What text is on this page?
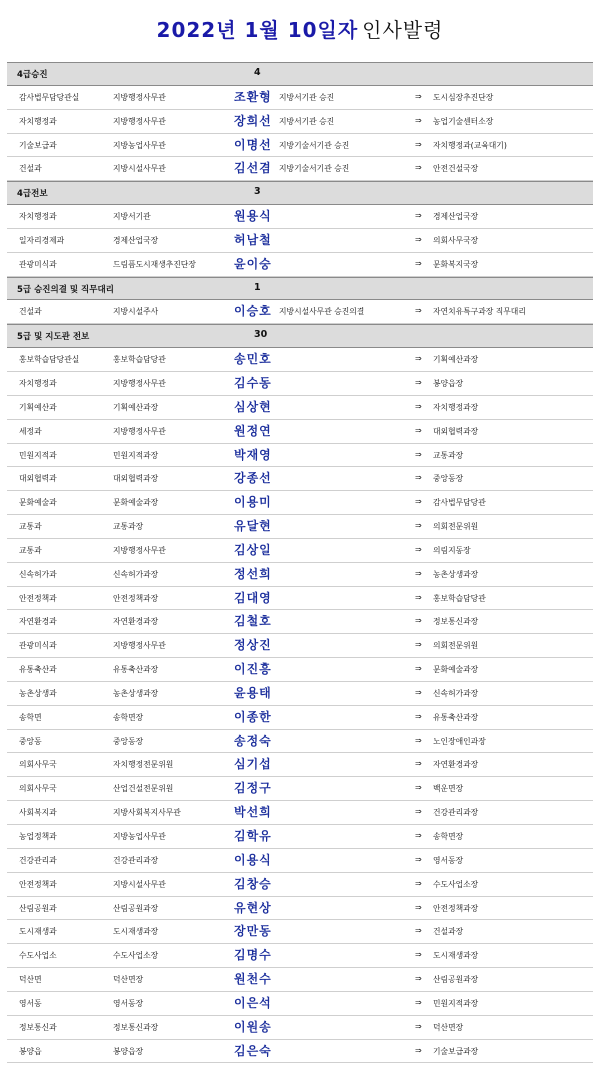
2022년 1월 10일자 인사발령
4급승진	4
감사법무담당관실	지방행정사무관	조환형 지방서기관 승진	⇒ 도시심장추진단장
자치행정과	지방행정사무관	장희선 지방서기관 승진	⇒ 농업기술센터소장
기술보급과	지방농업사무관	이명선 지방기술서기관 승진	⇒ 자치행정과(교육대기)
건설과	지방시설사무관	김선겸 지방기술서기관 승진	⇒ 안전건설국장
4급전보	3
자치행정과	지방서기관	원용식	⇒ 경제산업국장
일자리경제과	경제산업국장	허남철	⇒ 의회사무국장
관광미식과	드림픔도시재생추진단장	윤이숭	⇒ 문화복지국장
5급 승진의결 및 직무대리	1
건설과	지방시설주사	이승호 지방시설사무관 승진의결	⇒ 자연치유특구과장 직무대리
5급 및 지도관 전보	30
홍보학습담당관실	홍보학습담당관	송민호	⇒ 기획예산과장
자치행정과	지방행정사무관	김수동	⇒ 봉양읍장
기획예산과	기획예산과장	심상현	⇒ 자치행정과장
세정과	지방행정사무관	원정연	⇒ 대외협력과장
민원지적과	민원지적과장	박재영	⇒ 교통과장
대외협력과	대외협력과장	강종선	⇒ 중앙동장
문화예술과	문화예술과장	이용미	⇒ 감사법무담당관
교통과	교통과장	유달현	⇒ 의회전문위원
교통과	지방행정사무관	김상일	⇒ 의림지동장
신속허가과	신속허가과장	정선희	⇒ 농촌상생과장
안전정책과	안전정책과장	김대영	⇒ 홍보학습담당관
자연환경과	자연환경과장	김철호	⇒ 정보통신과장
관광미식과	지방행정사무관	정상진	⇒ 의회전문위원
유통축산과	유통축산과장	이진흥	⇒ 문화예술과장
농촌상생과	농촌상생과장	윤용태	⇒ 신속허가과장
송학면	송학면장	이종한	⇒ 유통축산과장
중앙동	중앙동장	송정숙	⇒ 노인장애인과장
의회사무국	자치행정전문위원	심기섭	⇒ 자연환경과장
의회사무국	산업건설전문위원	김정구	⇒ 백운면장
사회복지과	지방사회복지사무관	박선희	⇒ 건강관리과장
농업정책과	지방농업사무관	김학유	⇒ 송학면장
건강관리과	건강관리과장	이용식	⇒ 영서동장
안전정책과	지방시설사무관	김창승	⇒ 수도사업소장
산림공원과	산림공원과장	유현상	⇒ 안전정책과장
도시재생과	도시재생과장	장만동	⇒ 건설과장
수도사업소	수도사업소장	김명수	⇒ 도시재생과장
덕산면	덕산면장	원천수	⇒ 산림공원과장
영서동	영서동장	이은석	⇒ 민원지적과장
정보통신과	정보통신과장	이원송	⇒ 덕산면장
봉양읍	봉양읍장	김은숙	⇒ 기술보급과장
